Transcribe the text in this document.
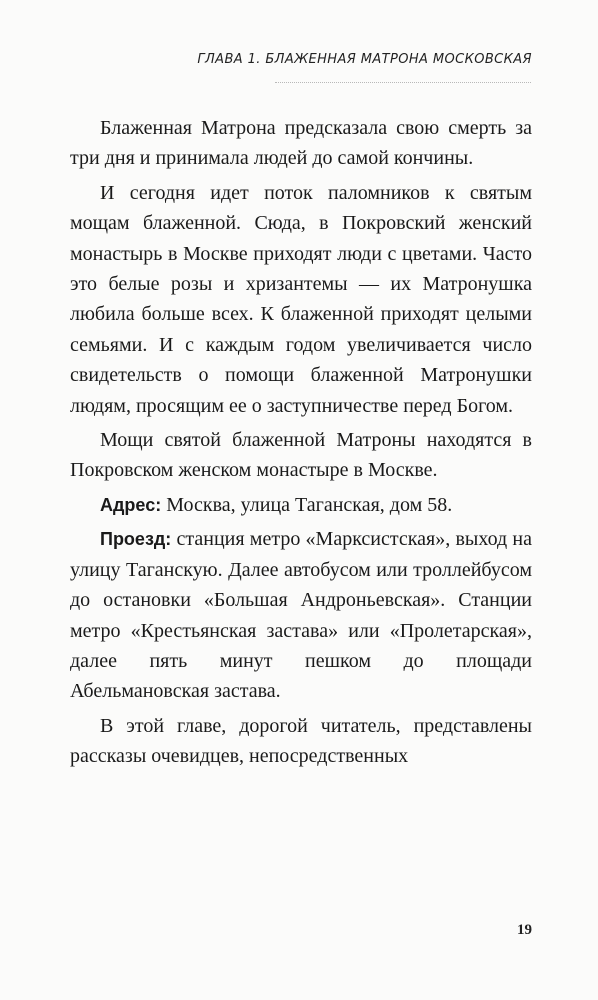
ГЛАВА 1. БЛАЖЕННАЯ МАТРОНА МОСКОВСКАЯ

Блаженная Матрона предсказала свою смерть за три дня и принимала людей до самой кончины.

И сегодня идет поток паломников к святым мощам блаженной. Сюда, в Покровский женский монастырь в Москве приходят люди с цветами. Часто это белые розы и хризантемы — их Матронушка любила больше всех. К блаженной приходят целыми семьями. И с каждым годом увеличивается число свидетельств о помощи блаженной Матронушки людям, просящим ее о заступничестве перед Богом.

Мощи святой блаженной Матроны находятся в Покровском женском монастыре в Москве.

Адрес: Москва, улица Таганская, дом 58.

Проезд: станция метро «Марксистская», выход на улицу Таганскую. Далее автобусом или троллейбусом до остановки «Большая Андроньевская». Станции метро «Крестьянская застава» или «Пролетарская», далее пять минут пешком до площади Абельмановская застава.

В этой главе, дорогой читатель, представлены рассказы очевидцев, непосредственных

19
